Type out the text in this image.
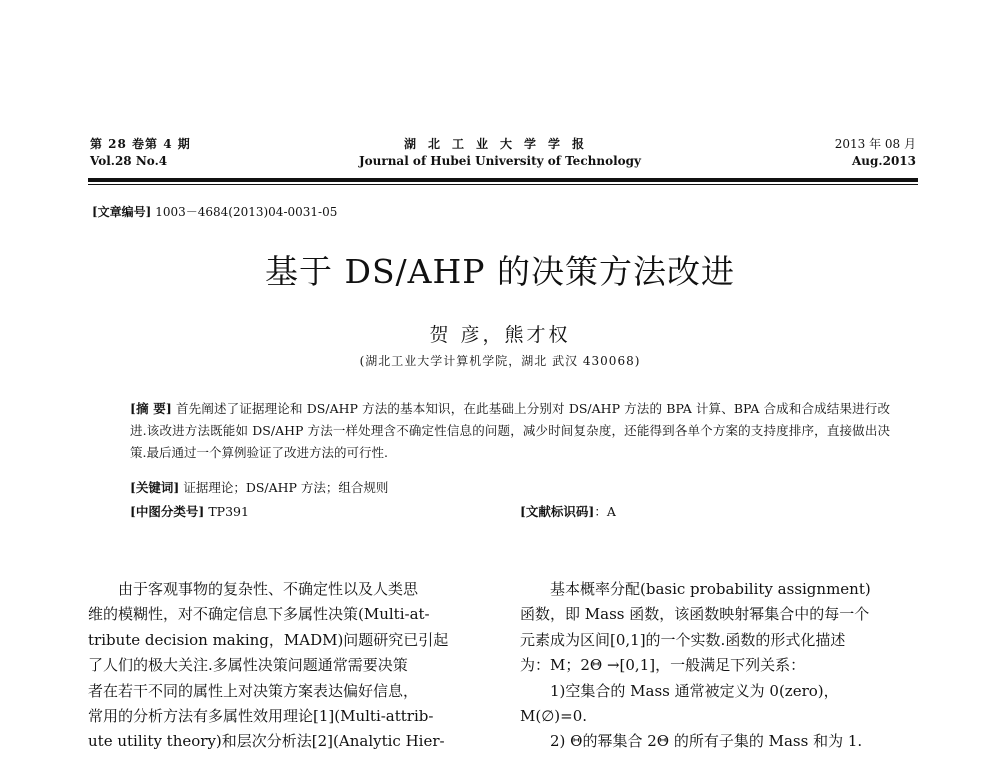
第 28 卷第 4 期
Vol.28 No.4
湖北工业大学学报
Journal of Hubei University of Technology
2013 年 08 月
Aug.2013
[文章编号] 1003－4684(2013)04-0031-05
基于 DS/AHP 的决策方法改进
贺 彦，熊才权
(湖北工业大学计算机学院，湖北 武汉 430068)
[摘 要] 首先阐述了证据理论和 DS/AHP 方法的基本知识，在此基础上分别对 DS/AHP 方法的 BPA 计算、BPA 合成和合成结果进行改进.该改进方法既能如 DS/AHP 方法一样处理含不确定性信息的问题，减少时间复杂度，还能得到各单个方案的支持度排序，直接做出决策.最后通过一个算例验证了改进方法的可行性.
[关键词] 证据理论；DS/AHP 方法；组合规则
[中图分类号] TP391	[文献标识码]：A
由于客观事物的复杂性、不确定性以及人类思
维的模糊性，对不确定信息下多属性决策(Multi-at-
tribute decision making，MADM)问题研究已引起
了人们的极大关注.多属性决策问题通常需要决策
者在若干不同的属性上对决策方案表达偏好信息，
常用的分析方法有多属性效用理论[1](Multi-attrib-
ute utility theory)和层次分析法[2](Analytic Hier-
基本概率分配(basic probability assignment)
函数，即 Mass 函数，该函数映射幂集合中的每一个
元素成为区间[0,1]的一个实数.函数的形式化描述
为：M；2Θ →[0,1]，一般满足下列关系：
1)空集合的 Mass 通常被定义为 0(zero)，
M(∅)=0.
2) Θ的幂集合 2Θ 的所有子集的 Mass 和为 1.
